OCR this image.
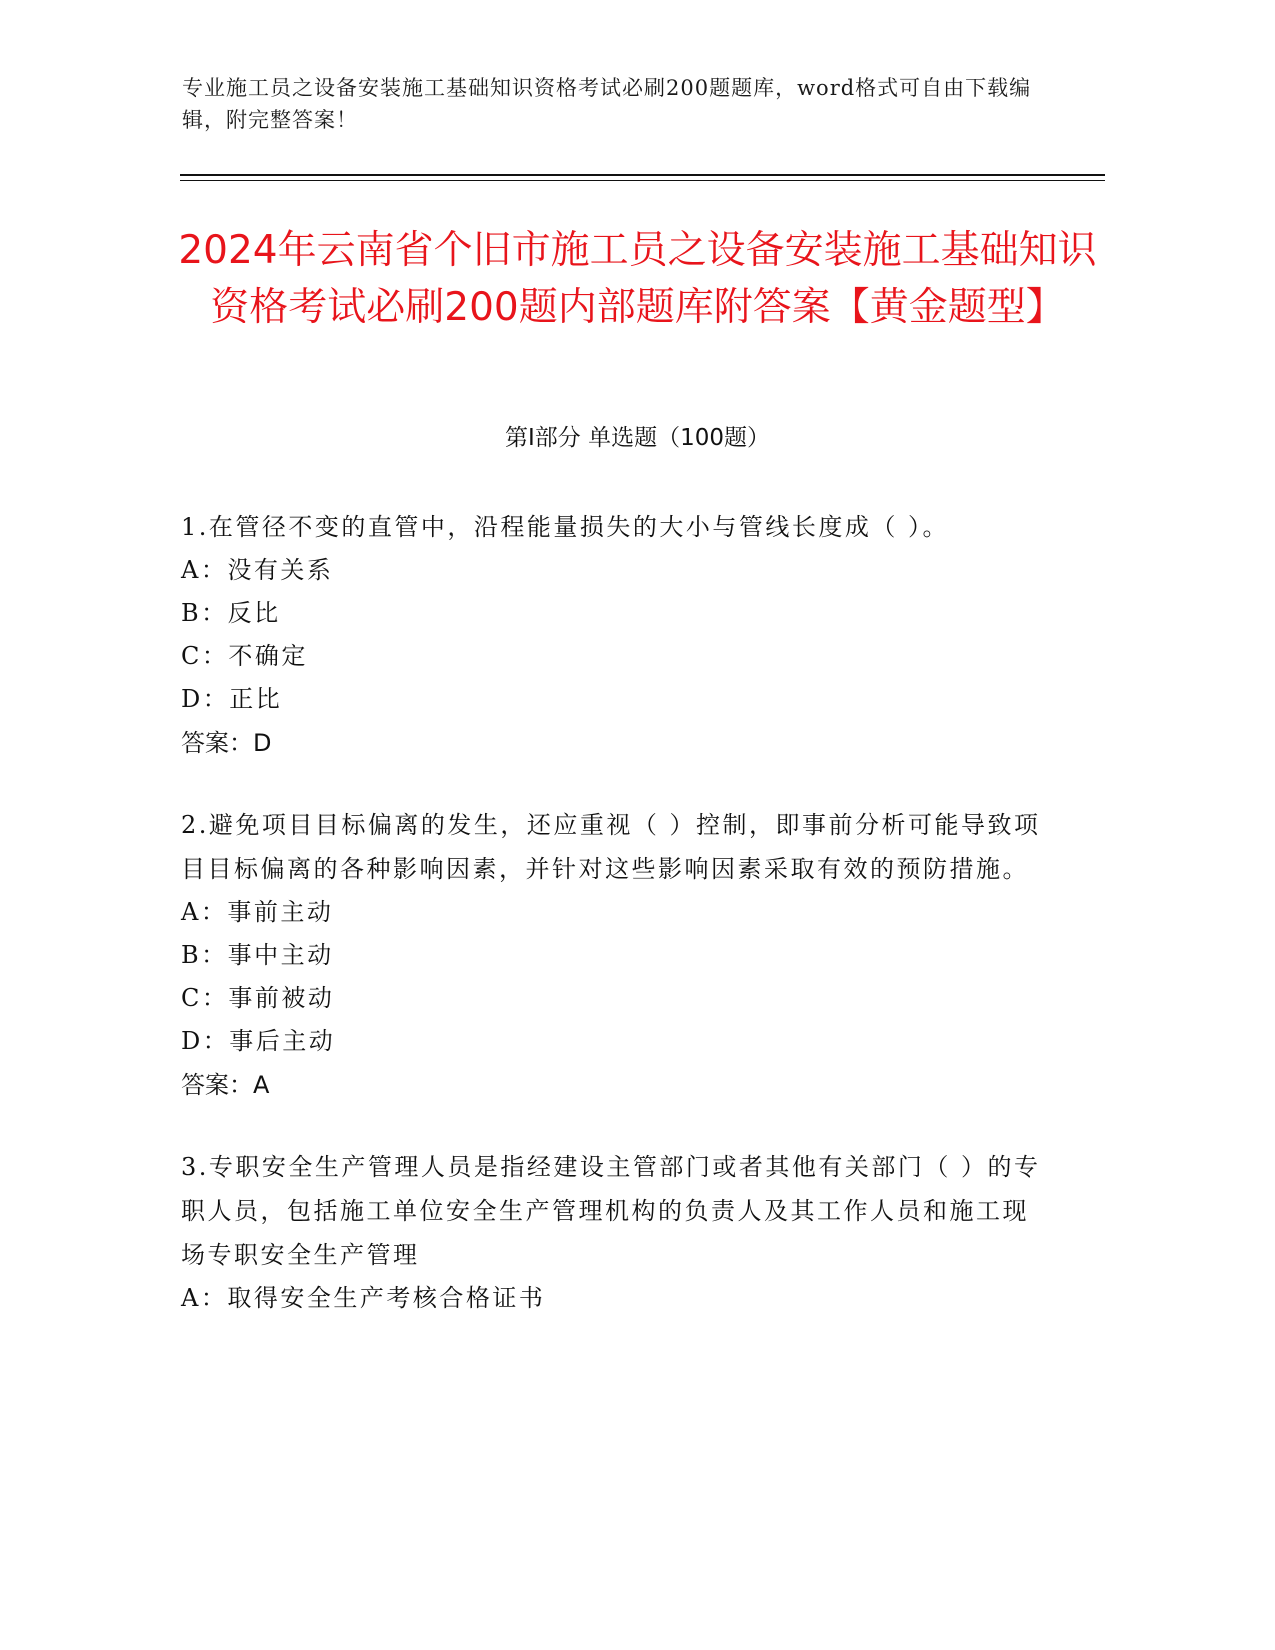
专业施工员之设备安装施工基础知识资格考试必刷200题题库，word格式可自由下载编辑，附完整答案！
2024年云南省个旧市施工员之设备安装施工基础知识资格考试必刷200题内部题库附答案【黄金题型】
第Ⅰ部分 单选题（100题）

1.在管径不变的直管中，沿程能量损失的大小与管线长度成（ ）。

A：没有关系

B：反比

C：不确定

D：正比

答案：D

2.避免项目目标偏离的发生，还应重视（ ）控制，即事前分析可能导致项目目标偏离的各种影响因素，并针对这些影响因素采取有效的预防措施。

A：事前主动

B：事中主动

C：事前被动

D：事后主动

答案：A

3.专职安全生产管理人员是指经建设主管部门或者其他有关部门（ ）的专职人员，包括施工单位安全生产管理机构的负责人及其工作人员和施工现场专职安全生产管理

A：取得安全生产考核合格证书
